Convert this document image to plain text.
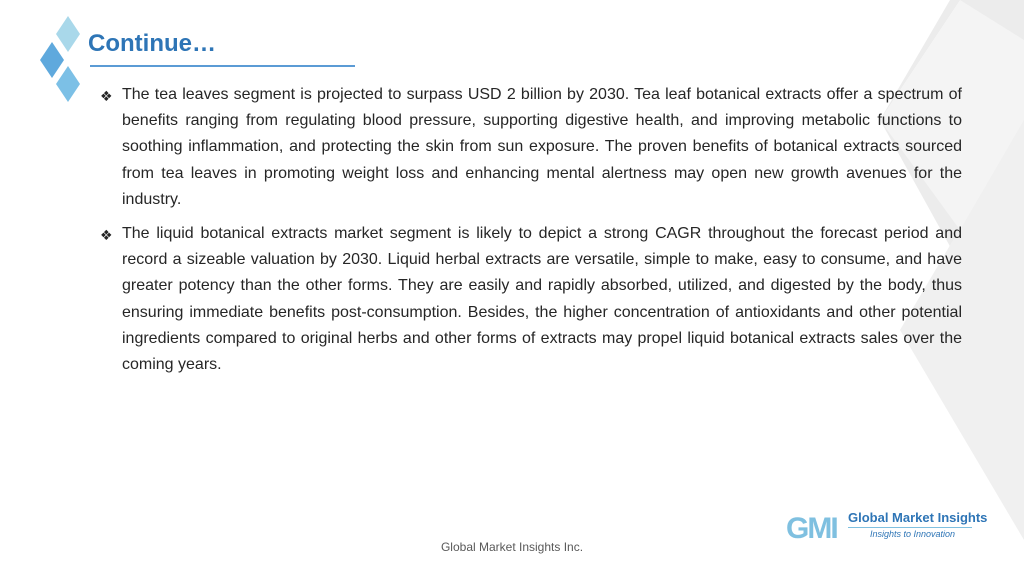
Continue…
❖ The tea leaves segment is projected to surpass USD 2 billion by 2030. Tea leaf botanical extracts offer a spectrum of benefits ranging from regulating blood pressure, supporting digestive health, and improving metabolic functions to soothing inflammation, and protecting the skin from sun exposure. The proven benefits of botanical extracts sourced from tea leaves in promoting weight loss and enhancing mental alertness may open new growth avenues for the industry.
❖ The liquid botanical extracts market segment is likely to depict a strong CAGR throughout the forecast period and record a sizeable valuation by 2030. Liquid herbal extracts are versatile, simple to make, easy to consume, and have greater potency than the other forms. They are easily and rapidly absorbed, utilized, and digested by the body, thus ensuring immediate benefits post-consumption. Besides, the higher concentration of antioxidants and other potential ingredients compared to original herbs and other forms of extracts may propel liquid botanical extracts sales over the coming years.
GMI Global Market Insights
Insights to Innovation
Global Market Insights Inc.
